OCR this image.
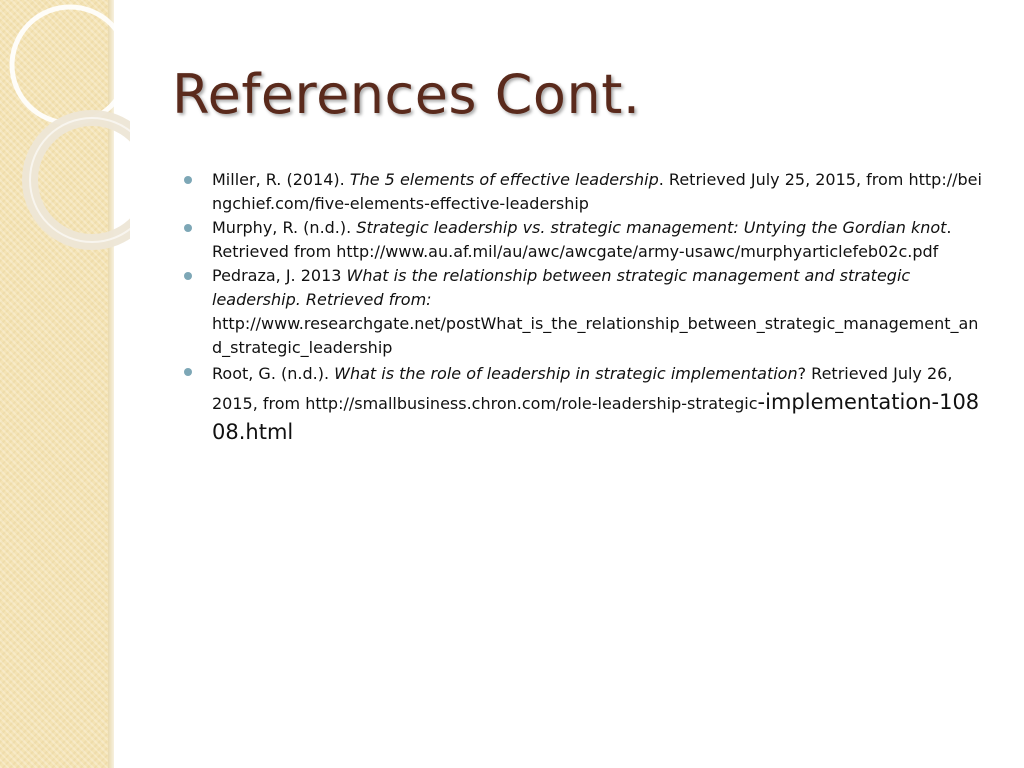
References Cont.
Miller, R. (2014). The 5 elements of effective leadership. Retrieved July 25, 2015, from http://beingchief.com/five-elements-effective-leadership
Murphy, R. (n.d.). Strategic leadership vs. strategic management: Untying the Gordian knot. Retrieved from http://www.au.af.mil/au/awc/awcgate/army-usawc/murphyarticlefeb02c.pdf
Pedraza, J. 2013 What is the relationship between strategic management and strategic leadership. Retrieved from:
http://www.researchgate.net/postWhat_is_the_relationship_between_strategic_management_and_strategic_leadership
Root, G. (n.d.). What is the role of leadership in strategic implementation? Retrieved July 26, 2015, from http://smallbusiness.chron.com/role-leadership-strategic-implementation-10808.html
